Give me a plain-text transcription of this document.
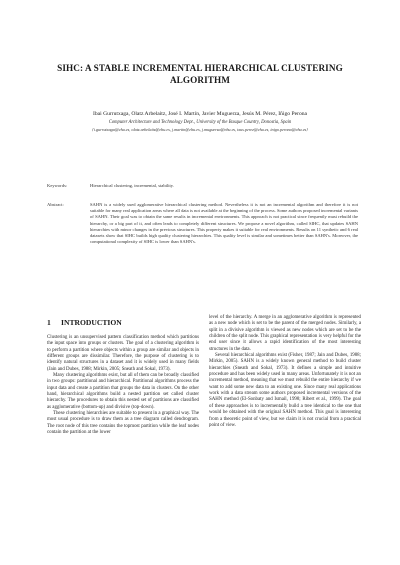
SIHC: A STABLE INCREMENTAL HIERARCHICAL CLUSTERING ALGORITHM
Ibai Gurrutxaga, Olatz Arbelaitz, José I. Martín, Javier Muguerza, Jesús M. Pérez, Iñigo Perona
Computer Architecture and Technology Dept., University of the Basque Country, Donostia, Spain
{i.gurrutxaga@ehu.es, olatz.arbelaitz@ehu.es, j.martin@ehu.es, j.muguerza@ehu.es, txus.perez@ehu.es, inigo.perona@ehu.es}
Keywords:	Hierarchical clustering, incremental, stability.
Abstract:	SAHN is a widely used agglomerative hierarchical clustering method. Nevertheless it is not an incremental algorithm and therefore it is not suitable for many real application areas where all data is not available at the beginning of the process. Some authors proposed incremental variants of SAHN. Their goal was to obtain the same results in incremental environments. This approach is not practical since frequently must rebuild the hierarchy, or a big part of it, and often leads to completely different structures. We propose a novel algorithm, called SIHC, that updates SAHN hierarchies with minor changes in the previous structures. This property makes it suitable for real environments. Results on 11 synthetic and 6 real datasets show that SIHC builds high quality clustering hierarchies. This quality level is similar and sometimes better than SAHN's. Moreover, the computational complexity of SIHC is lower than SAHN's.
1 INTRODUCTION

Clustering is an unsupervised pattern classification method which partitions the input space into groups or clusters. The goal of a clustering algorithm is to perform a partition where objects within a group are similar and objects in different groups are dissimilar. Therefore, the purpose of clustering is to identify natural structures in a dataset and it is widely used in many fields (Jain and Dubes, 1988; Mirkin, 2005; Sneath and Sokal, 1973).

Many clustering algorithms exist, but all of them can be broadly classified in two groups: partitional and hierarchical. Partitional algorithms process the input data and create a partition that groups the data in clusters. On the other hand, hierarchical algorithms build a nested partition set called cluster hierarchy. The procedures to obtain this nested set of partitions are classified as agglomerative (bottom-up) and divisive (top-down).

These clustering hierarchies are suitable to present in a graphical way. The most usual procedure is to draw them as a tree diagram called dendrogram. The root node of this tree contains the topmost partition while the leaf nodes contain the partition at the lower

level of the hierarchy. A merge in an agglomerative algorithm is represented as a new node which is set to be the parent of the merged nodes. Similarly, a split in a divisive algorithm is viewed as new nodes which are set to be the children of the split node. This graphical representation is very helpful for the end user since it allows a rapid identification of the most interesting structures in the data.

Several hierarchical algorithms exist (Fisher, 1987; Jain and Dubes, 1988; Mirkin, 2005). SAHN is a widely known general method to build cluster hierarchies (Sneath and Sokal, 1973). It defines a simple and intuitive procedure and has been widely used in many areas. Unfortunately it is not an incremental method, meaning that we must rebuild the entire hierarchy if we want to add some new data to an existing one. Since many real applications work with a data stream some authors proposed incremental versions of the SAHN method (El-Sonbaty and Ismail, 1998; Ribert et al., 1999). The goal of these approaches is to incrementally build a tree identical to the one that would be obtained with the original SAHN method. This goal is interesting from a theoretic point of view, but we claim it is not crucial from a practical point of view.
